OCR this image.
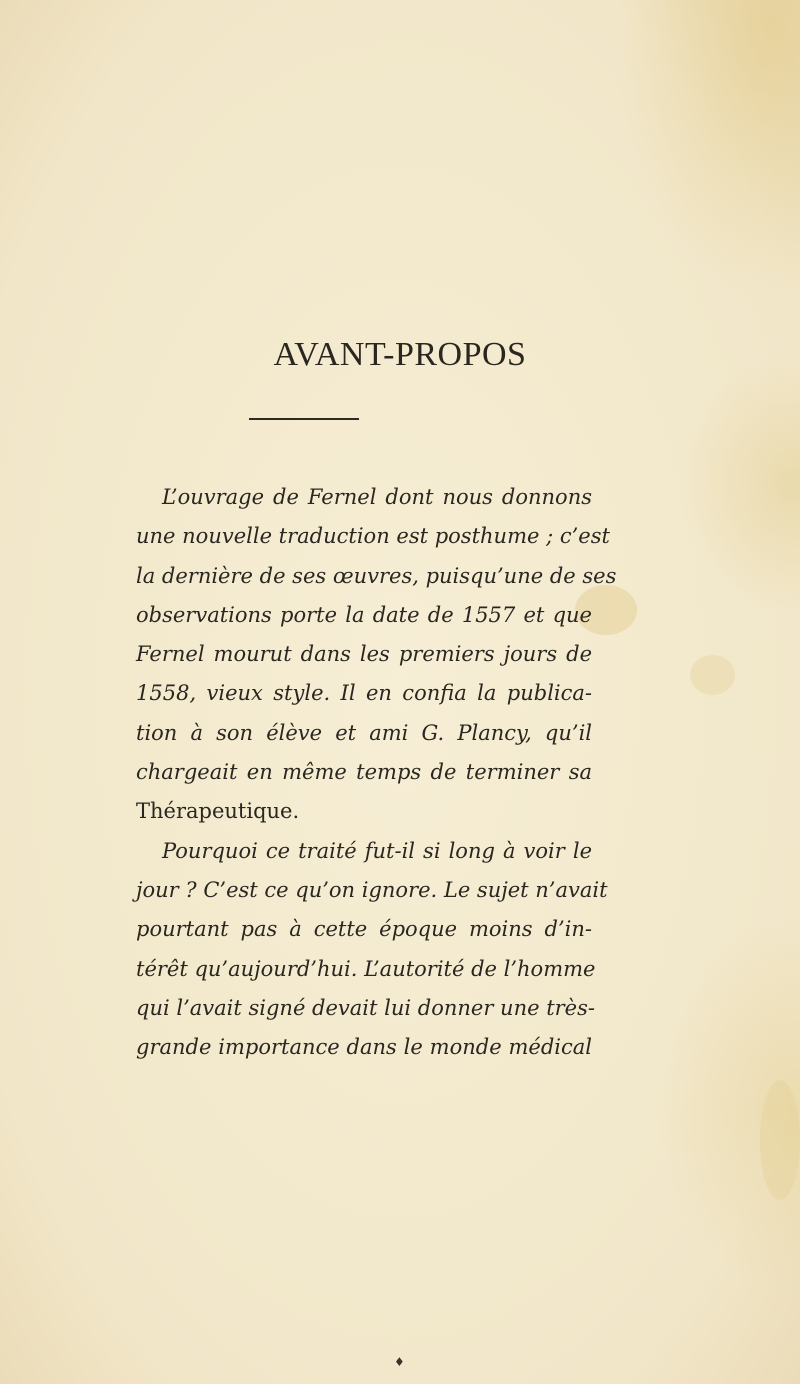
AVANT-PROPOS
L’ouvrage de Fernel dont nous donnons
une nouvelle traduction est posthume ; c’est
la dernière de ses œuvres, puisqu’une de ses
observations porte la date de 1557 et que
Fernel mourut dans les premiers jours de
1558, vieux style. Il en confia la publica-
tion à son élève et ami G. Plancy, qu’il
chargeait en même temps de terminer sa
Thérapeutique.
Pourquoi ce traité fut-il si long à voir le
jour ? C’est ce qu’on ignore. Le sujet n’avait
pourtant pas à cette époque moins d’in-
térêt qu’aujourd’hui. L’autorité de l’homme
qui l’avait signé devait lui donner une très-
grande importance dans le monde médical
♦
